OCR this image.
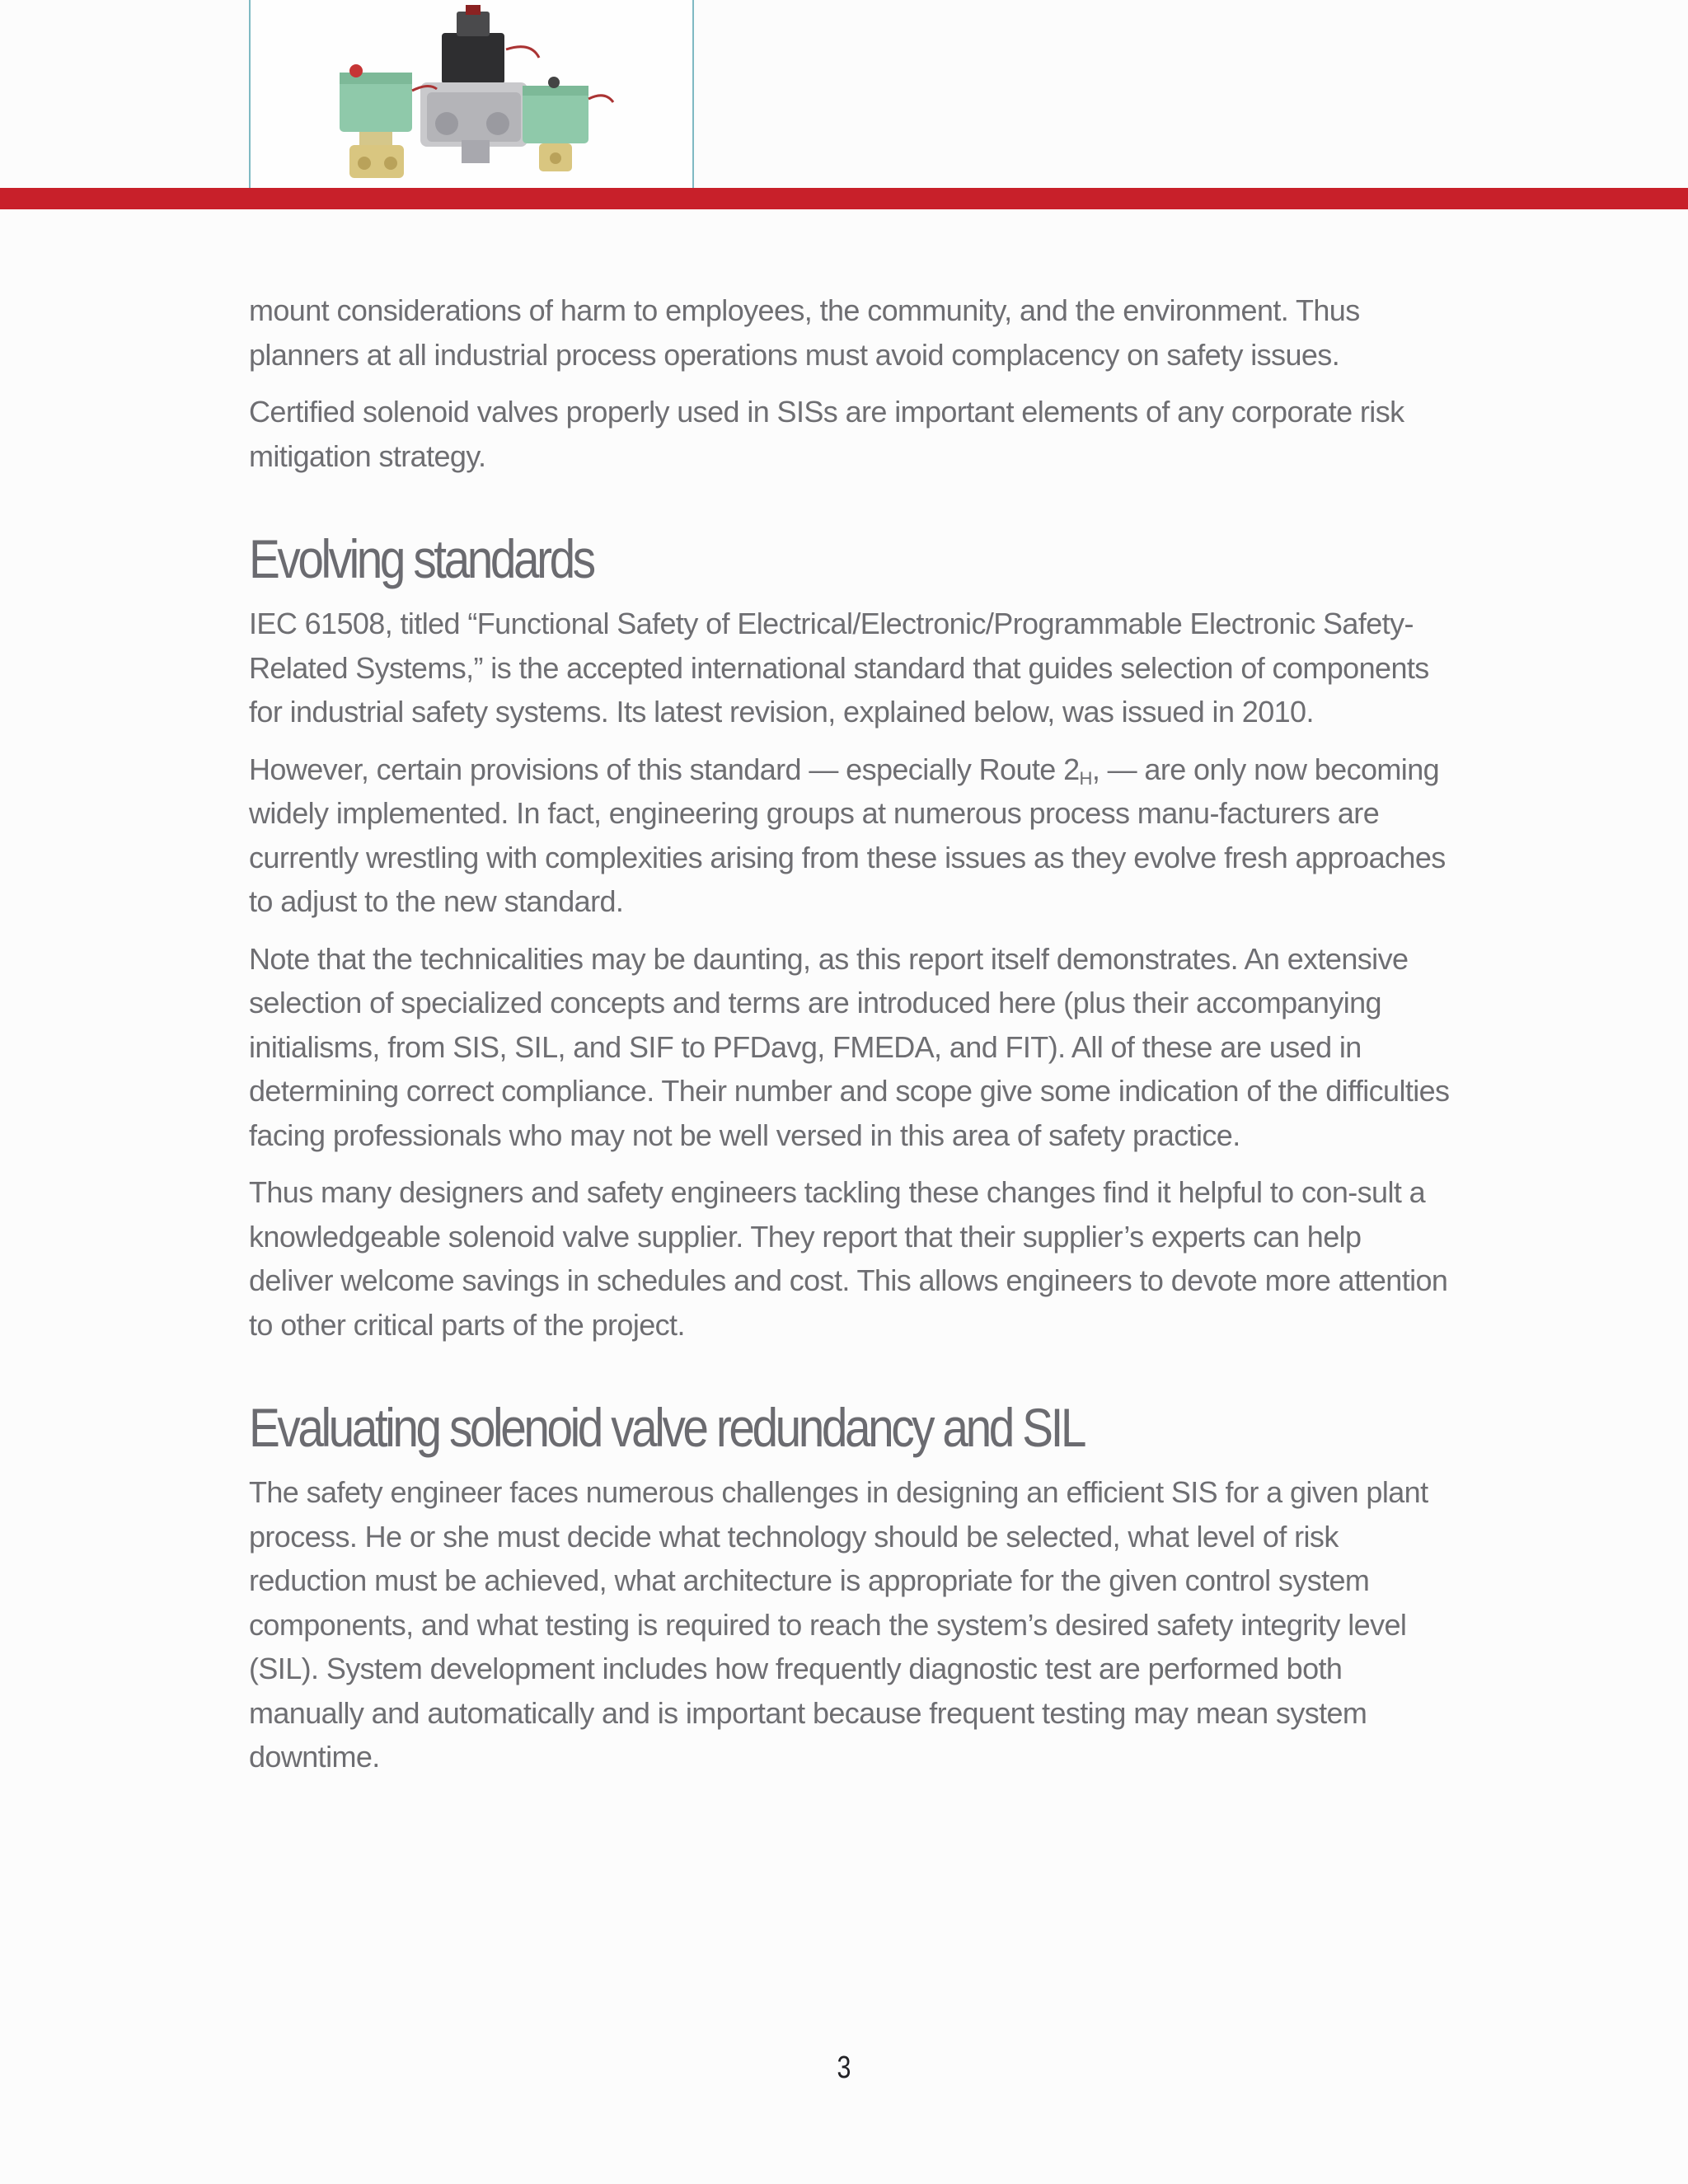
mount considerations of harm to employees, the community, and the environment. Thus planners at all industrial process operations must avoid complacency on safety issues.

Certified solenoid valves properly used in SISs are important elements of any corporate risk mitigation strategy.

Evolving standards

IEC 61508, titled “Functional Safety of Electrical/Electronic/Programmable Electronic Safety-Related Systems,” is the accepted international standard that guides selection of components for industrial safety systems. Its latest revision, explained below, was issued in 2010.

However, certain provisions of this standard — especially Route $2_H$, — are only now becoming widely implemented. In fact, engineering groups at numerous process manu-facturers are currently wrestling with complexities arising from these issues as they evolve fresh approaches to adjust to the new standard.

Note that the technicalities may be daunting, as this report itself demonstrates. An extensive selection of specialized concepts and terms are introduced here (plus their accompanying initialisms, from SIS, SIL, and SIF to PFDavg, FMEDA, and FIT). All of these are used in determining correct compliance. Their number and scope give some indication of the difficulties facing professionals who may not be well versed in this area of safety practice.

Thus many designers and safety engineers tackling these changes find it helpful to con-sult a knowledgeable solenoid valve supplier. They report that their supplier’s experts can help deliver welcome savings in schedules and cost. This allows engineers to devote more attention to other critical parts of the project.

Evaluating solenoid valve redundancy and SIL

The safety engineer faces numerous challenges in designing an efficient SIS for a given plant process. He or she must decide what technology should be selected, what level of risk reduction must be achieved, what architecture is appropriate for the given control system components, and what testing is required to reach the system’s desired safety integrity level (SIL). System development includes how frequently diagnostic test are performed both manually and automatically and is important because frequent testing may mean system downtime.

3
